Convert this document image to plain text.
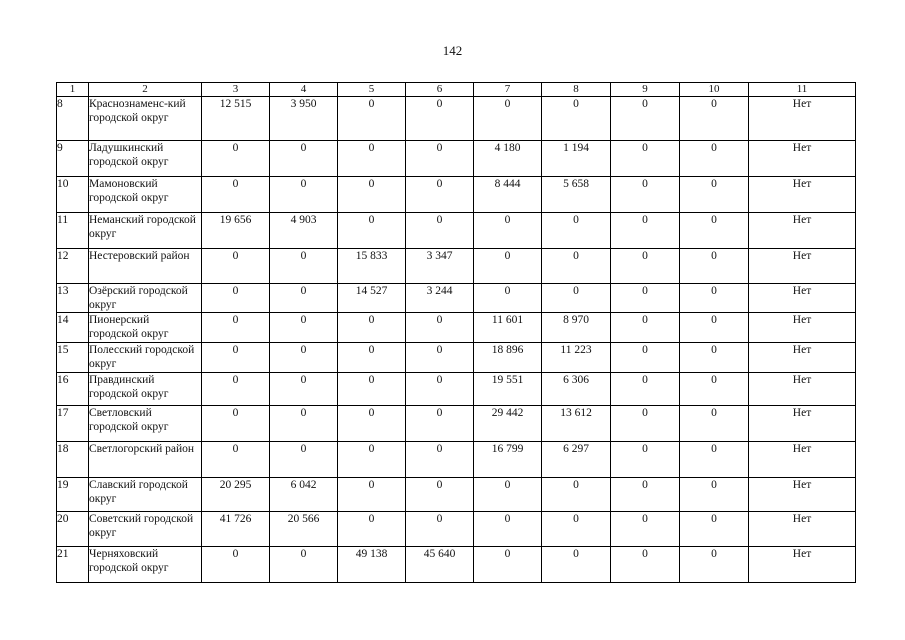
142
1	2	3	4	5	6	7	8	9	10	11
8	Краснознаменс-кий городской округ	12 515	3 950	0	0	0	0	0	0	Нет
9	Ладушкинский городской округ	0	0	0	0	4 180	1 194	0	0	Нет
10	Мамоновский городской округ	0	0	0	0	8 444	5 658	0	0	Нет
11	Неманский городской округ	19 656	4 903	0	0	0	0	0	0	Нет
12	Нестеровский район	0	0	15 833	3 347	0	0	0	0	Нет
13	Озёрский городской округ	0	0	14 527	3 244	0	0	0	0	Нет
14	Пионерский городской округ	0	0	0	0	11 601	8 970	0	0	Нет
15	Полесский городской округ	0	0	0	0	18 896	11 223	0	0	Нет
16	Правдинский городской округ	0	0	0	0	19 551	6 306	0	0	Нет
17	Светловский городской округ	0	0	0	0	29 442	13 612	0	0	Нет
18	Светлогорский район	0	0	0	0	16 799	6 297	0	0	Нет
19	Славский городской округ	20 295	6 042	0	0	0	0	0	0	Нет
20	Советский городской округ	41 726	20 566	0	0	0	0	0	0	Нет
21	Черняховский городской округ	0	0	49 138	45 640	0	0	0	0	Нет
